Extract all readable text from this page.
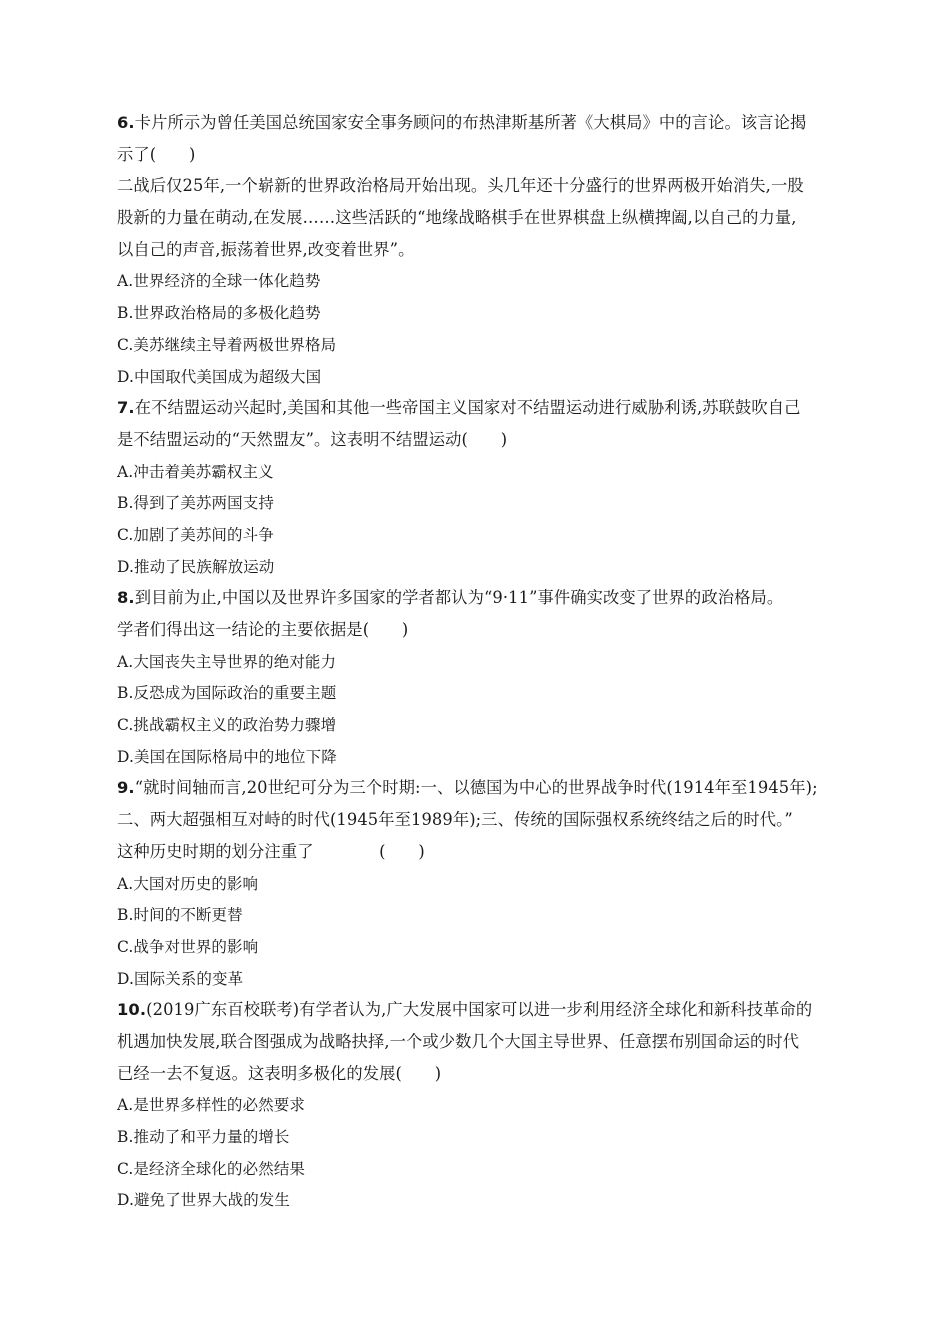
6.卡片所示为曾任美国总统国家安全事务顾问的布热津斯基所著《大棋局》中的言论。该言论揭
示了(　　)
二战后仅25年,一个崭新的世界政治格局开始出现。头几年还十分盛行的世界两极开始消失,一股
股新的力量在萌动,在发展……这些活跃的“地缘战略棋手在世界棋盘上纵横捭阖,以自己的力量,
以自己的声音,振荡着世界,改变着世界”。
A.世界经济的全球一体化趋势
B.世界政治格局的多极化趋势
C.美苏继续主导着两极世界格局
D.中国取代美国成为超级大国
7.在不结盟运动兴起时,美国和其他一些帝国主义国家对不结盟运动进行威胁利诱,苏联鼓吹自己
是不结盟运动的“天然盟友”。这表明不结盟运动(　　)
A.冲击着美苏霸权主义
B.得到了美苏两国支持
C.加剧了美苏间的斗争
D.推动了民族解放运动
8.到目前为止,中国以及世界许多国家的学者都认为“9·11”事件确实改变了世界的政治格局。
学者们得出这一结论的主要依据是(　　)
A.大国丧失主导世界的绝对能力
B.反恐成为国际政治的重要主题
C.挑战霸权主义的政治势力骤增
D.美国在国际格局中的地位下降
9.“就时间轴而言,20世纪可分为三个时期:一、以德国为中心的世界战争时代(1914年至1945年);
二、两大超强相互对峙的时代(1945年至1989年);三、传统的国际强权系统终结之后的时代。”
这种历史时期的划分注重了　　　　(　　)
A.大国对历史的影响
B.时间的不断更替
C.战争对世界的影响
D.国际关系的变革
10.(2019广东百校联考)有学者认为,广大发展中国家可以进一步利用经济全球化和新科技革命的
机遇加快发展,联合图强成为战略抉择,一个或少数几个大国主导世界、任意摆布别国命运的时代
已经一去不复返。这表明多极化的发展(　　)
A.是世界多样性的必然要求
B.推动了和平力量的增长
C.是经济全球化的必然结果
D.避免了世界大战的发生
